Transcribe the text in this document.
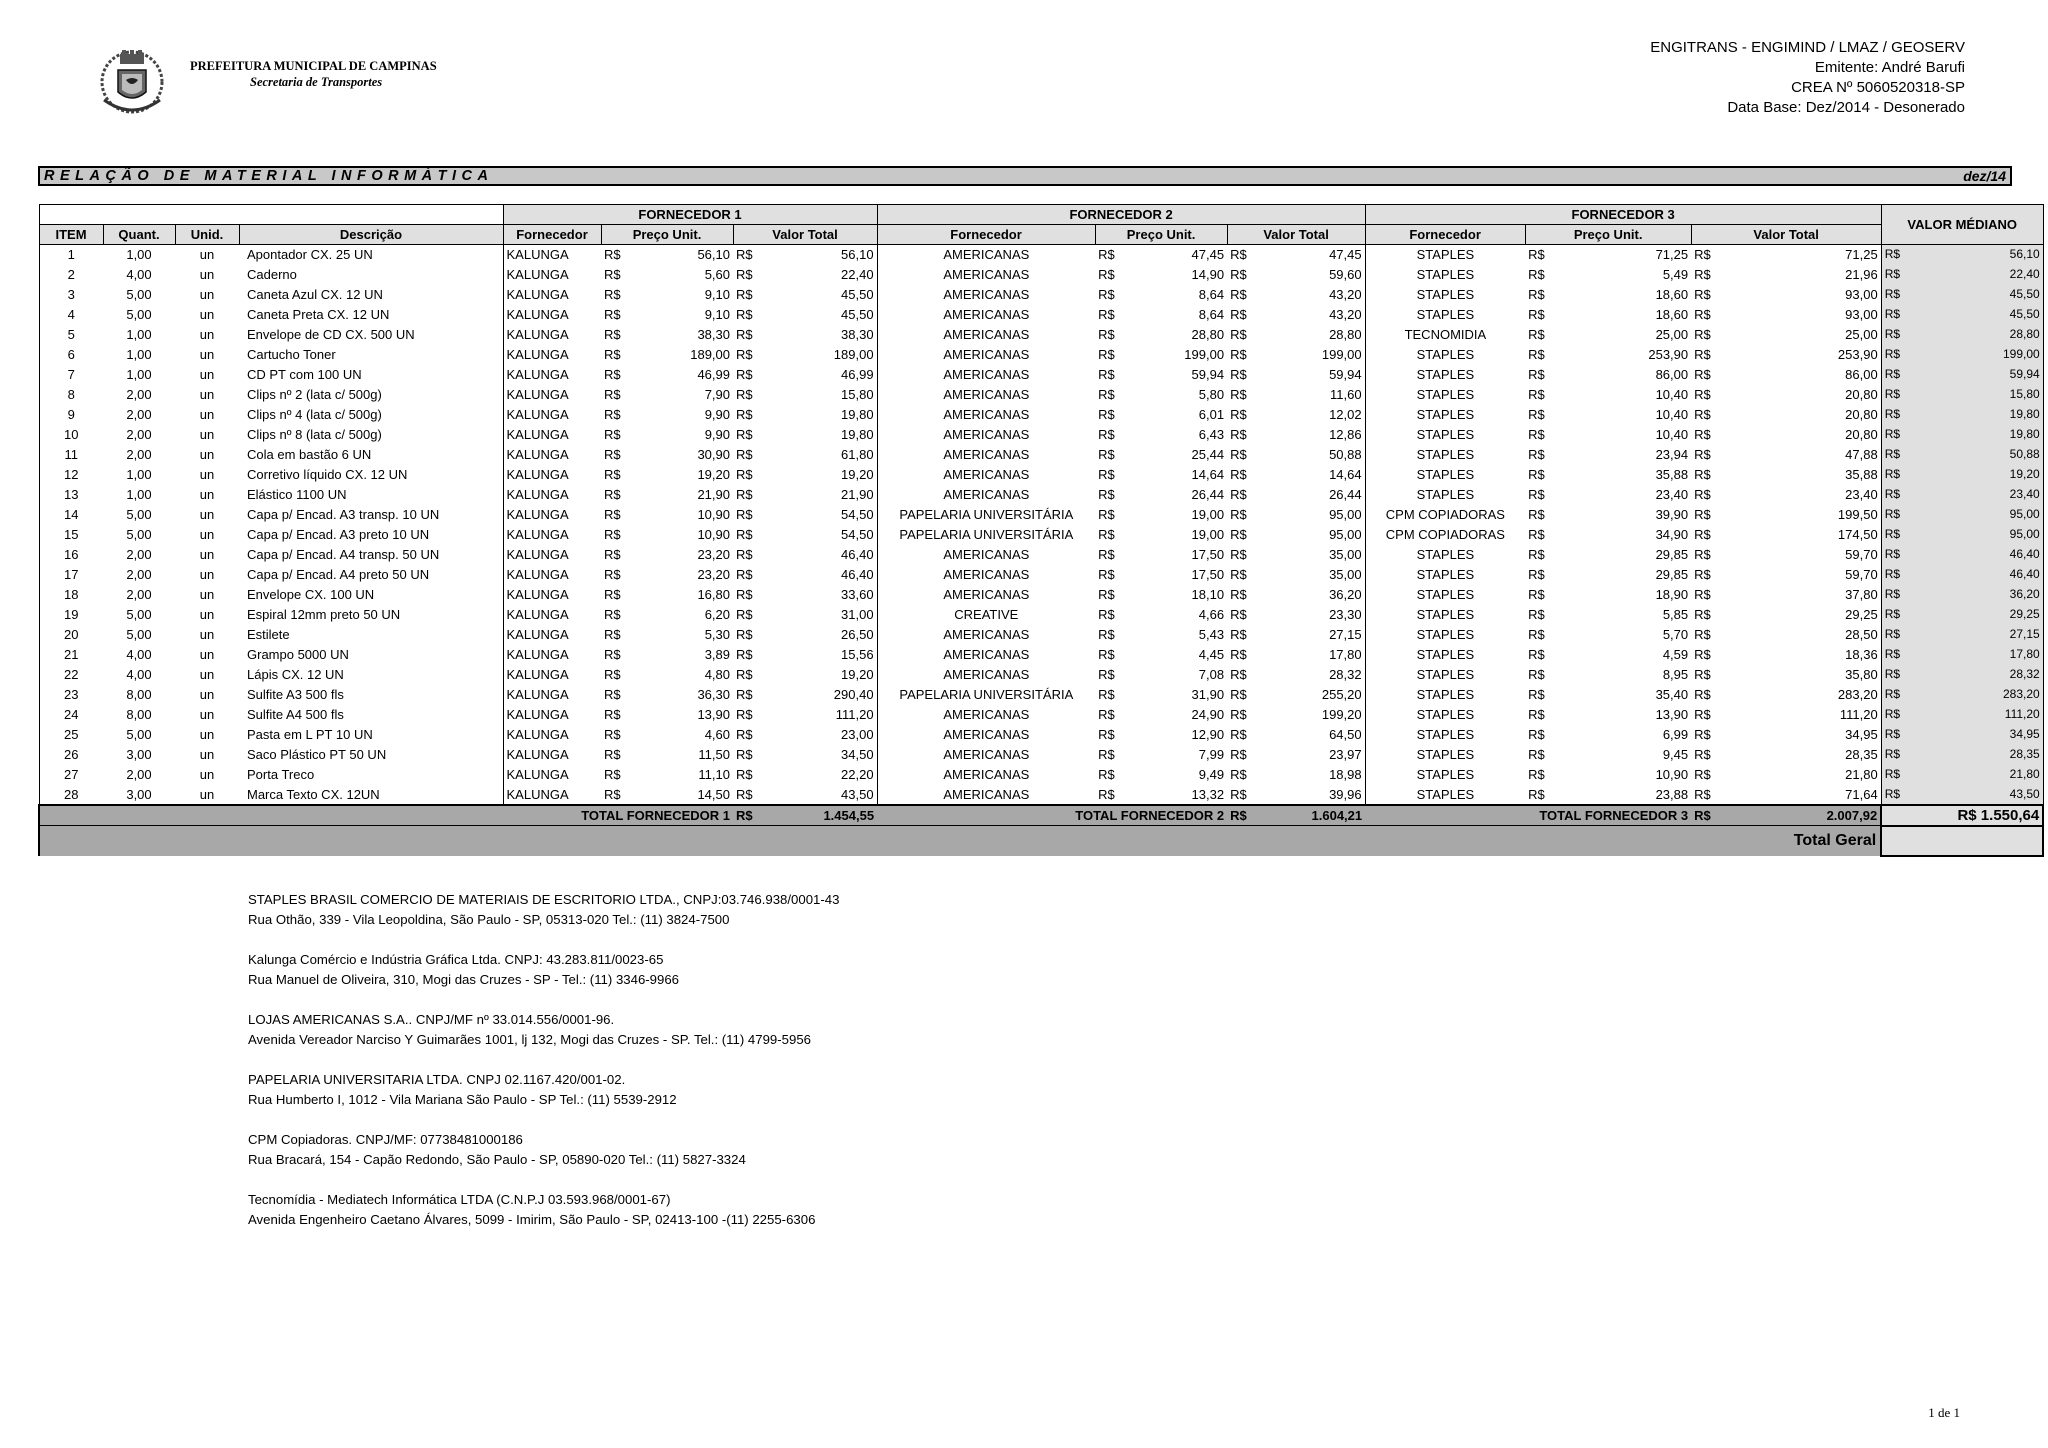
PREFEITURA MUNICIPAL DE CAMPINAS
Secretaria de Transportes
ENGITRANS - ENGIMIND / LMAZ / GEOSERV
Emitente: André Barufi
CREA Nº 5060520318-SP
Data Base: Dez/2014 - Desonerado
RELAÇÃO DE MATERIAL INFORMÁTICA	dez/14
				FORNECEDOR 1					FORNECEDOR 2					FORNECEDOR 3					VALOR MÉDIANO	
ITEM	Quant.	Unid.	Descrição	Fornecedor	Preço Unit.		Valor Total		Fornecedor	Preço Unit.		Valor Total		Fornecedor	Preço Unit.		Valor Total			
1	1,00	un	Apontador CX. 25 UN	KALUNGA	R$	56,10	R$	56,10	AMERICANAS	R$	47,45	R$	47,45	STAPLES	R$	71,25	R$	71,25	R$	56,10
2	4,00	un	Caderno	KALUNGA	R$	5,60	R$	22,40	AMERICANAS	R$	14,90	R$	59,60	STAPLES	R$	5,49	R$	21,96	R$	22,40
3	5,00	un	Caneta Azul CX. 12 UN	KALUNGA	R$	9,10	R$	45,50	AMERICANAS	R$	8,64	R$	43,20	STAPLES	R$	18,60	R$	93,00	R$	45,50
4	5,00	un	Caneta Preta CX. 12 UN	KALUNGA	R$	9,10	R$	45,50	AMERICANAS	R$	8,64	R$	43,20	STAPLES	R$	18,60	R$	93,00	R$	45,50
5	1,00	un	Envelope de CD CX. 500 UN	KALUNGA	R$	38,30	R$	38,30	AMERICANAS	R$	28,80	R$	28,80	TECNOMIDIA	R$	25,00	R$	25,00	R$	28,80
6	1,00	un	Cartucho Toner	KALUNGA	R$	189,00	R$	189,00	AMERICANAS	R$	199,00	R$	199,00	STAPLES	R$	253,90	R$	253,90	R$	199,00
7	1,00	un	CD PT com 100 UN	KALUNGA	R$	46,99	R$	46,99	AMERICANAS	R$	59,94	R$	59,94	STAPLES	R$	86,00	R$	86,00	R$	59,94
8	2,00	un	Clips nº 2 (lata c/ 500g)	KALUNGA	R$	7,90	R$	15,80	AMERICANAS	R$	5,80	R$	11,60	STAPLES	R$	10,40	R$	20,80	R$	15,80
9	2,00	un	Clips nº 4 (lata c/ 500g)	KALUNGA	R$	9,90	R$	19,80	AMERICANAS	R$	6,01	R$	12,02	STAPLES	R$	10,40	R$	20,80	R$	19,80
10	2,00	un	Clips nº 8 (lata c/ 500g)	KALUNGA	R$	9,90	R$	19,80	AMERICANAS	R$	6,43	R$	12,86	STAPLES	R$	10,40	R$	20,80	R$	19,80
11	2,00	un	Cola em bastão 6 UN	KALUNGA	R$	30,90	R$	61,80	AMERICANAS	R$	25,44	R$	50,88	STAPLES	R$	23,94	R$	47,88	R$	50,88
12	1,00	un	Corretivo líquido CX. 12 UN	KALUNGA	R$	19,20	R$	19,20	AMERICANAS	R$	14,64	R$	14,64	STAPLES	R$	35,88	R$	35,88	R$	19,20
13	1,00	un	Elástico 1100 UN	KALUNGA	R$	21,90	R$	21,90	AMERICANAS	R$	26,44	R$	26,44	STAPLES	R$	23,40	R$	23,40	R$	23,40
14	5,00	un	Capa p/ Encad. A3 transp. 10 UN	KALUNGA	R$	10,90	R$	54,50	PAPELARIA UNIVERSITÁRIA	R$	19,00	R$	95,00	CPM COPIADORAS	R$	39,90	R$	199,50	R$	95,00
15	5,00	un	Capa p/ Encad. A3 preto 10 UN	KALUNGA	R$	10,90	R$	54,50	PAPELARIA UNIVERSITÁRIA	R$	19,00	R$	95,00	CPM COPIADORAS	R$	34,90	R$	174,50	R$	95,00
16	2,00	un	Capa p/ Encad. A4 transp. 50 UN	KALUNGA	R$	23,20	R$	46,40	AMERICANAS	R$	17,50	R$	35,00	STAPLES	R$	29,85	R$	59,70	R$	46,40
17	2,00	un	Capa p/ Encad. A4 preto 50 UN	KALUNGA	R$	23,20	R$	46,40	AMERICANAS	R$	17,50	R$	35,00	STAPLES	R$	29,85	R$	59,70	R$	46,40
18	2,00	un	Envelope CX. 100 UN	KALUNGA	R$	16,80	R$	33,60	AMERICANAS	R$	18,10	R$	36,20	STAPLES	R$	18,90	R$	37,80	R$	36,20
19	5,00	un	Espiral 12mm preto 50 UN	KALUNGA	R$	6,20	R$	31,00	CREATIVE	R$	4,66	R$	23,30	STAPLES	R$	5,85	R$	29,25	R$	29,25
20	5,00	un	Estilete	KALUNGA	R$	5,30	R$	26,50	AMERICANAS	R$	5,43	R$	27,15	STAPLES	R$	5,70	R$	28,50	R$	27,15
21	4,00	un	Grampo 5000 UN	KALUNGA	R$	3,89	R$	15,56	AMERICANAS	R$	4,45	R$	17,80	STAPLES	R$	4,59	R$	18,36	R$	17,80
22	4,00	un	Lápis CX. 12 UN	KALUNGA	R$	4,80	R$	19,20	AMERICANAS	R$	7,08	R$	28,32	STAPLES	R$	8,95	R$	35,80	R$	28,32
23	8,00	un	Sulfite A3 500 fls	KALUNGA	R$	36,30	R$	290,40	PAPELARIA UNIVERSITÁRIA	R$	31,90	R$	255,20	STAPLES	R$	35,40	R$	283,20	R$	283,20
24	8,00	un	Sulfite A4 500 fls	KALUNGA	R$	13,90	R$	111,20	AMERICANAS	R$	24,90	R$	199,20	STAPLES	R$	13,90	R$	111,20	R$	111,20
25	5,00	un	Pasta em L PT 10 UN	KALUNGA	R$	4,60	R$	23,00	AMERICANAS	R$	12,90	R$	64,50	STAPLES	R$	6,99	R$	34,95	R$	34,95
26	3,00	un	Saco Plástico PT 50 UN	KALUNGA	R$	11,50	R$	34,50	AMERICANAS	R$	7,99	R$	23,97	STAPLES	R$	9,45	R$	28,35	R$	28,35
27	2,00	un	Porta Treco	KALUNGA	R$	11,10	R$	22,20	AMERICANAS	R$	9,49	R$	18,98	STAPLES	R$	10,90	R$	21,80	R$	21,80
28	3,00	un	Marca Texto CX. 12UN	KALUNGA	R$	14,50	R$	43,50	AMERICANAS	R$	13,32	R$	39,96	STAPLES	R$	23,88	R$	71,64	R$	43,50
				TOTAL FORNECEDOR 1			R$	1.454,55	TOTAL FORNECEDOR 2			R$	1.604,21	TOTAL FORNECEDOR 3			R$	2.007,92	R$ 1.550,64	
Total Geral																				
STAPLES BRASIL COMERCIO DE MATERIAIS DE ESCRITORIO LTDA., CNPJ:03.746.938/0001-43
Rua Othão, 339 - Vila Leopoldina, São Paulo - SP, 05313-020 Tel.: (11) 3824-7500
Kalunga Comércio e Indústria Gráfica Ltda. CNPJ: 43.283.811/0023-65
Rua Manuel de Oliveira, 310, Mogi das Cruzes - SP - Tel.: (11) 3346-9966
LOJAS AMERICANAS S.A.. CNPJ/MF nº 33.014.556/0001-96.
Avenida Vereador Narciso Y Guimarães 1001, lj 132, Mogi das Cruzes - SP. Tel.: (11) 4799-5956
PAPELARIA UNIVERSITARIA LTDA. CNPJ 02.1167.420/001-02.
Rua Humberto I, 1012 - Vila Mariana São Paulo - SP Tel.: (11) 5539-2912
CPM Copiadoras. CNPJ/MF: 07738481000186
Rua Bracará, 154 - Capão Redondo, São Paulo - SP, 05890-020 Tel.: (11) 5827-3324
Tecnomídia - Mediatech Informática LTDA (C.N.P.J 03.593.968/0001-67)
Avenida Engenheiro Caetano Álvares, 5099 - Imirim, São Paulo - SP, 02413-100 -(11) 2255-6306
1 de 1
